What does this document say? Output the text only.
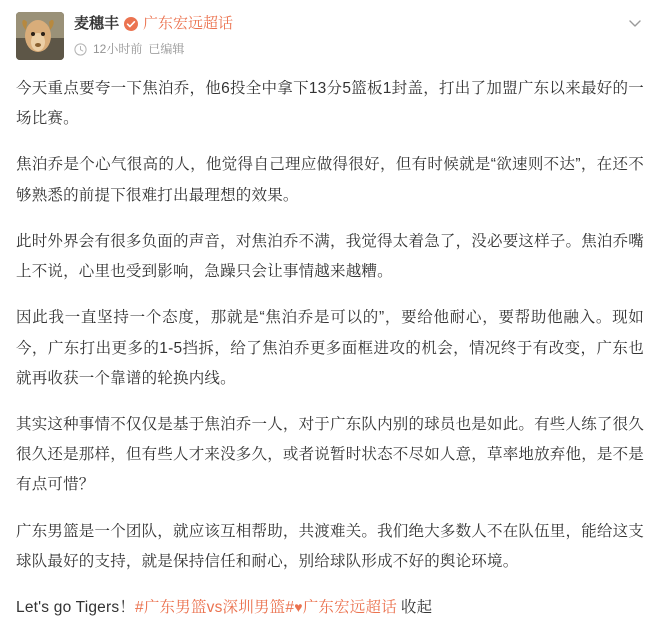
麦穗丰 广东宏远超话
12小时前 已编辑

今天重点要夸一下焦泊乔，他6投全中拿下13分5篮板1封盖，打出了加盟广东以来最好的一场比赛。

焦泊乔是个心气很高的人，他觉得自己理应做得很好，但有时候就是“欲速则不达”，在还不够熟悉的前提下很难打出最理想的效果。

此时外界会有很多负面的声音，对焦泊乔不满，我觉得太着急了，没必要这样子。焦泊乔嘴上不说，心里也受到影响，急躁只会让事情越来越糟。

因此我一直坚持一个态度，那就是“焦泊乔是可以的”，要给他耐心，要帮助他融入。现如今，广东打出更多的1-5挡拆，给了焦泊乔更多面框进攻的机会，情况终于有改变，广东也就再收获一个靠谱的轮换内线。

其实这种事情不仅仅是基于焦泊乔一人，对于广东队内别的球员也是如此。有些人练了很久很久还是那样，但有些人才来没多久，或者说暂时状态不尽如人意，草率地放弃他，是不是有点可惜？

广东男篮是一个团队，就应该互相帮助，共渡难关。我们绝大多数人不在队伍里，能给这支球队最好的支持，就是保持信任和耐心，别给球队形成不好的舆论环境。

Let's go Tigers！#广东男篮vs深圳男篮#♥广东宏远超话 收起
